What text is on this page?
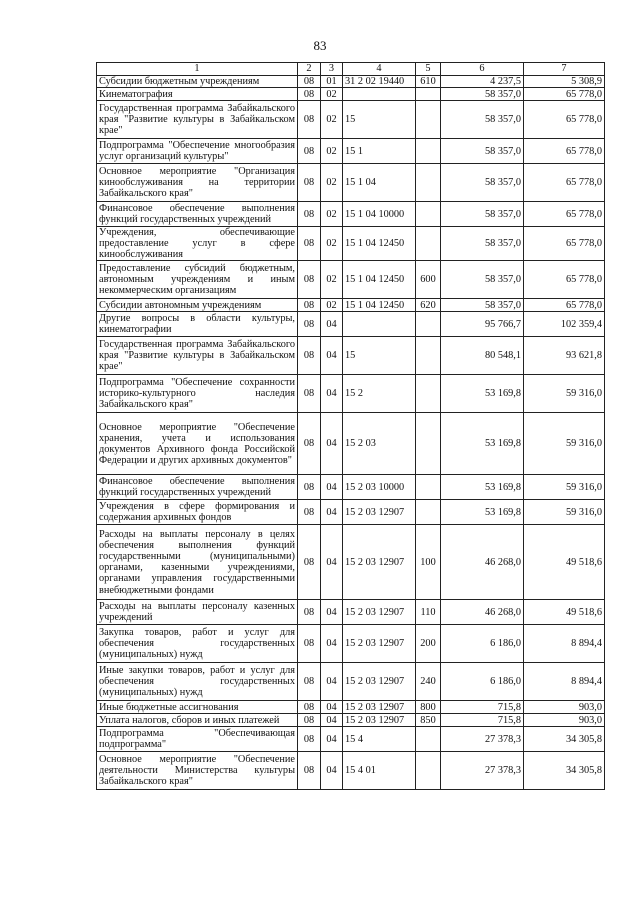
83
1	2	3	4	5	6	7
Субсидии бюджетным учреждениям	08	01	31 2 02 19440	610	4 237,5	5 308,9
Кинематография	08	02			58 357,0	65 778,0
Государственная программа Забайкальского края "Развитие культуры в Забайкальском крае"	08	02	15		58 357,0	65 778,0
Подпрограмма "Обеспечение многообразия услуг организаций культуры"	08	02	15 1		58 357,0	65 778,0
Основное мероприятие "Организация кинообслуживания на территории Забайкальского края"	08	02	15 1 04		58 357,0	65 778,0
Финансовое обеспечение выполнения функций государственных учреждений	08	02	15 1 04 10000		58 357,0	65 778,0
Учреждения, обеспечивающие предоставление услуг в сфере кинообслуживания	08	02	15 1 04 12450		58 357,0	65 778,0
Предоставление субсидий бюджетным, автономным учреждениям и иным некоммерческим организациям	08	02	15 1 04 12450	600	58 357,0	65 778,0
Субсидии автономным учреждениям	08	02	15 1 04 12450	620	58 357,0	65 778,0
Другие вопросы в области культуры, кинематографии	08	04			95 766,7	102 359,4
Государственная программа Забайкальского края "Развитие культуры в Забайкальском крае"	08	04	15		80 548,1	93 621,8
Подпрограмма "Обеспечение сохранности историко-культурного наследия Забайкальского края"	08	04	15 2		53 169,8	59 316,0
Основное мероприятие "Обеспечение хранения, учета и использования документов Архивного фонда Российской Федерации и других архивных документов"	08	04	15 2 03		53 169,8	59 316,0
Финансовое обеспечение выполнения функций государственных учреждений	08	04	15 2 03 10000		53 169,8	59 316,0
Учреждения в сфере формирования и содержания архивных фондов	08	04	15 2 03 12907		53 169,8	59 316,0
Расходы на выплаты персоналу в целях обеспечения выполнения функций государственными (муниципальными) органами, казенными учреждениями, органами управления государственными внебюджетными фондами	08	04	15 2 03 12907	100	46 268,0	49 518,6
Расходы на выплаты персоналу казенных учреждений	08	04	15 2 03 12907	110	46 268,0	49 518,6
Закупка товаров, работ и услуг для обеспечения государственных (муниципальных) нужд	08	04	15 2 03 12907	200	6 186,0	8 894,4
Иные закупки товаров, работ и услуг для обеспечения государственных (муниципальных) нужд	08	04	15 2 03 12907	240	6 186,0	8 894,4
Иные бюджетные ассигнования	08	04	15 2 03 12907	800	715,8	903,0
Уплата налогов, сборов и иных платежей	08	04	15 2 03 12907	850	715,8	903,0
Подпрограмма "Обеспечивающая подпрограмма"	08	04	15 4		27 378,3	34 305,8
Основное мероприятие "Обеспечение деятельности Министерства культуры Забайкальского края"	08	04	15 4 01		27 378,3	34 305,8
